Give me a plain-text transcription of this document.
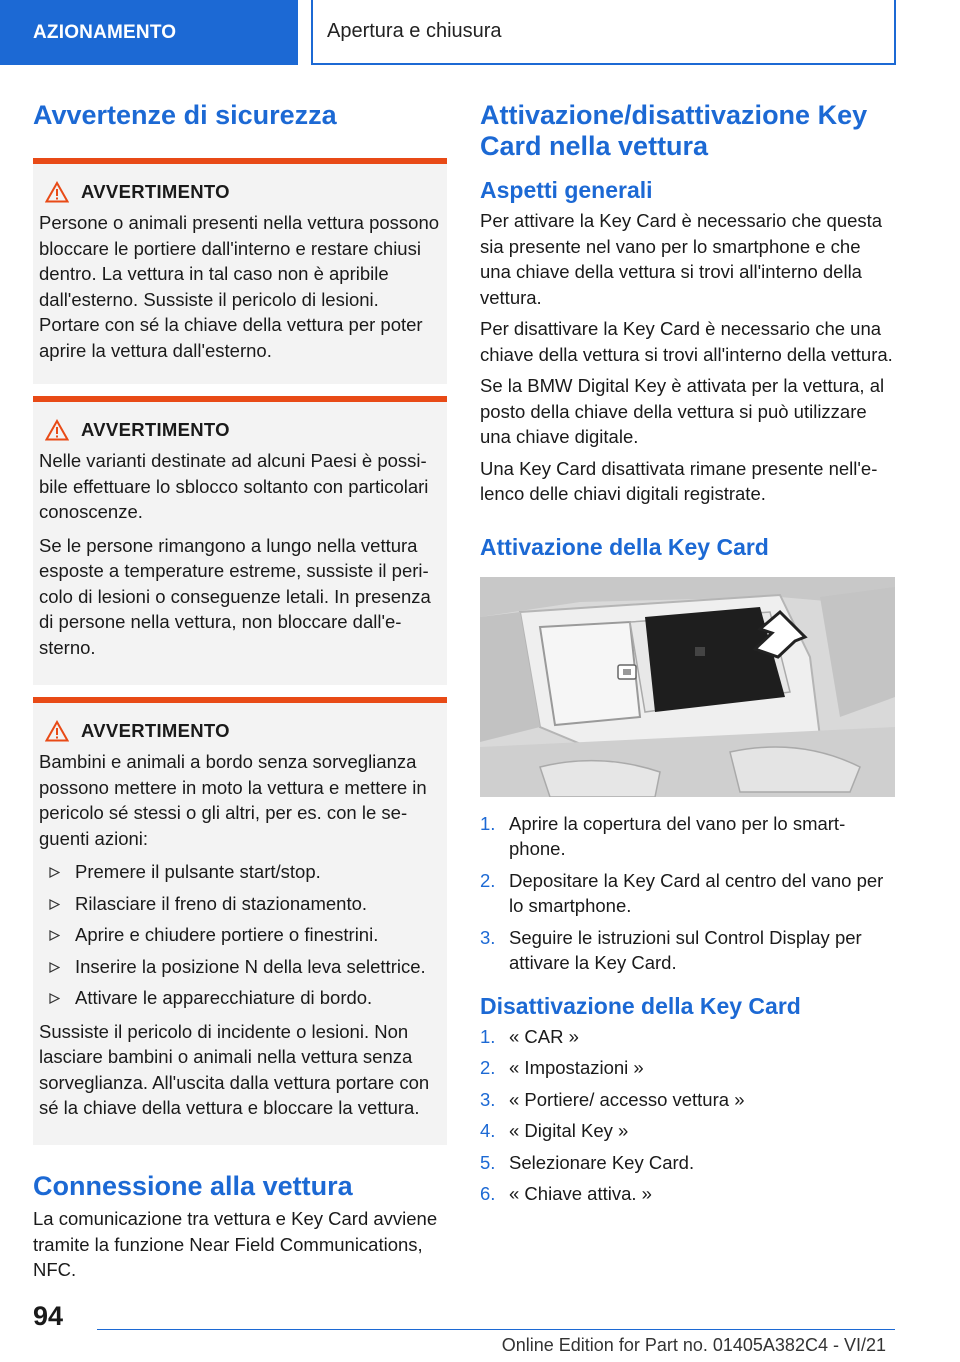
AZIONAMENTO	Apertura e chiusura
Avvertenze di sicurezza
AVVERTIMENTO

Persone o animali presenti nella vettura possono bloccare le portiere dall'interno e restare chiusi dentro. La vettura in tal caso non è apribile dall'esterno. Sussiste il pericolo di lesioni. Portare con sé la chiave della vettura per poter aprire la vettura dall'esterno.

AVVERTIMENTO

Nelle varianti destinate ad alcuni Paesi è possibile effettuare lo sblocco soltanto con particolari conoscenze.

Se le persone rimangono a lungo nella vettura esposte a temperature estreme, sussiste il pericolo di lesioni o conseguenze letali. In presenza di persone nella vettura, non bloccare dall'esterno.

AVVERTIMENTO

Bambini e animali a bordo senza sorveglianza possono mettere in moto la vettura e mettere in pericolo sé stessi o gli altri, per es. con le seguenti azioni:

Premere il pulsante start/stop.
Rilasciare il freno di stazionamento.
Aprire e chiudere portiere o finestrini.
Inserire la posizione N della leva selettrice.
Attivare le apparecchiature di bordo.

Sussiste il pericolo di incidente o lesioni. Non lasciare bambini o animali nella vettura senza sorveglianza. All'uscita dalla vettura portare con sé la chiave della vettura e bloccare la vettura.

Connessione alla vettura

La comunicazione tra vettura e Key Card avviene tramite la funzione Near Field Communications, NFC.

Attivazione/disattivazione Key Card nella vettura
Aspetti generali

Per attivare la Key Card è necessario che questa sia presente nel vano per lo smartphone e che una chiave della vettura si trovi all'interno della vettura.

Per disattivare la Key Card è necessario che una chiave della vettura si trovi all'interno della vettura.

Se la BMW Digital Key è attivata per la vettura, al posto della chiave della vettura si può utilizzare una chiave digitale.

Una Key Card disattivata rimane presente nell'elenco delle chiavi digitali registrate.

Attivazione della Key Card
1. Aprire la copertura del vano per lo smartphone.
2. Depositare la Key Card al centro del vano per lo smartphone.
3. Seguire le istruzioni sul Control Display per attivare la Key Card.
Disattivazione della Key Card
1. « CAR »
2. « Impostazioni »
3. « Portiere/ accesso vettura »
4. « Digital Key »
5. Selezionare Key Card.
6. « Chiave attiva. »
94
Online Edition for Part no. 01405A382C4 - VI/21
